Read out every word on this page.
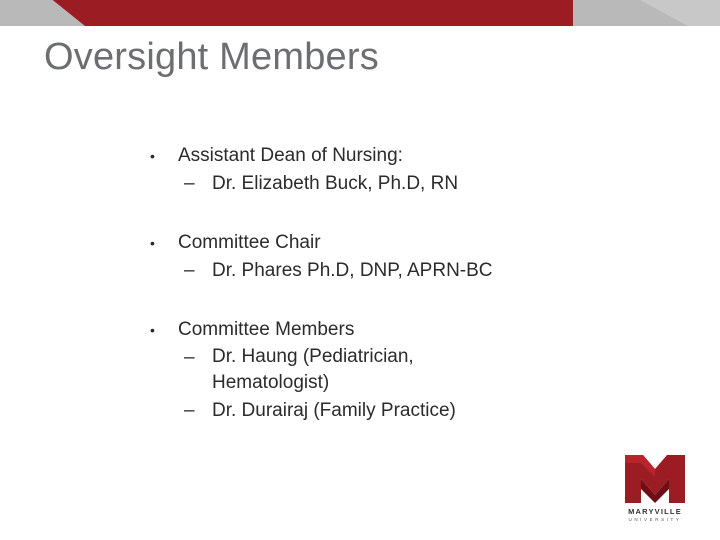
Oversight Members
• Assistant Dean of Nursing:
– Dr. Elizabeth Buck, Ph.D, RN
• Committee Chair
– Dr. Phares Ph.D, DNP, APRN-BC
• Committee Members
– Dr. Haung (Pediatrician, Hematologist)
– Dr. Durairaj (Family Practice)
MARYVILLE
UNIVERSITY
